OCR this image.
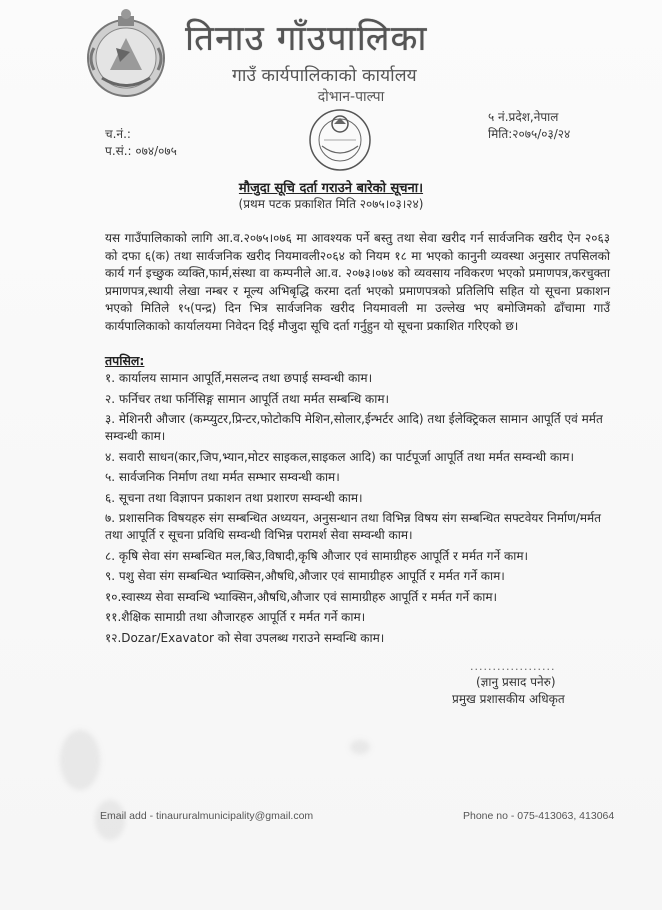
तिनाउ गाँउपालिका
गाउँ कार्यपालिकाको कार्यालय
दोभान-पाल्पा
५ नं.प्रदेश,नेपाल
मिति:२०७५/०३/२४
च.नं.:
प.सं.: ०७४/०७५
मौजुदा सूचि दर्ता गराउने बारेको सूचना।
(प्रथम पटक प्रकाशित मिति २०७५।०३।२४)
यस गाउँपालिकाको लागि आ.व.२०७५।०७६ मा आवश्यक पर्ने बस्तु तथा सेवा खरीद गर्न सार्वजनिक खरीद ऐन २०६३ को दफा ६(क) तथा सार्वजनिक खरीद नियमावली२०६४ को नियम १८ मा भएको कानुनी व्यवस्था अनुसार तपसिलको कार्य गर्न इच्छुक व्यक्ति,फार्म,संस्था वा कम्पनीले आ.व. २०७३।०७४ को व्यवसाय नविकरण भएको प्रमाणपत्र,करचुक्ता प्रमाणपत्र,स्थायी लेखा नम्बर र मूल्य अभिबृद्धि करमा दर्ता भएको प्रमाणपत्रको प्रतिलिपि सहित यो सूचना प्रकाशन भएको मितिले १५(पन्द्र) दिन भित्र सार्वजनिक खरीद नियमावली मा उल्लेख भए बमोजिमको ढाँचामा गाउँ कार्यपालिकाको कार्यालयमा निवेदन दिई मौजुदा सूचि दर्ता गर्नुहुन यो सूचना प्रकाशित गरिएको छ।
तपसिल:
१. कार्यालय सामान आपूर्ति,मसलन्द तथा छपाई सम्वन्धी काम।
२. फर्निचर तथा फर्निसिङ्ग सामान आपूर्ति तथा मर्मत सम्बन्धि काम।
३. मेशिनरी औजार (कम्प्युटर,प्रिन्टर,फोटोकपि मेशिन,सोलार,ईन्भर्टर आदि) तथा ईलेक्ट्रिकल सामान आपूर्ति एवं मर्मत सम्वन्धी काम।
४. सवारी साधन(कार,जिप,भ्यान,मोटर साइकल,साइकल आदि) का पार्टपूर्जा आपूर्ति तथा मर्मत सम्वन्धी काम।
५. सार्वजनिक निर्माण तथा मर्मत सम्भार सम्वन्धी काम।
६. सूचना तथा विज्ञापन प्रकाशन तथा प्रशारण सम्वन्धी काम।
७. प्रशासनिक विषयहरु संग सम्बन्धित अध्ययन, अनुसन्धान तथा विभिन्न विषय संग सम्बन्धित सफ्टवेयर निर्माण/मर्मत तथा आपूर्ति र सूचना प्रविधि सम्वन्धी विभिन्न परामर्श सेवा सम्वन्धी काम।
८. कृषि सेवा संग सम्बन्धित मल,बिउ,विषादी,कृषि औजार एवं सामाग्रीहरु आपूर्ति र मर्मत गर्ने काम।
९. पशु सेवा संग सम्बन्धित भ्याक्सिन,औषधि,औजार एवं सामाग्रीहरु आपूर्ति र मर्मत गर्ने काम।
१०.स्वास्थ्य सेवा सम्वन्धि भ्याक्सिन,औषधि,औजार एवं सामाग्रीहरु आपूर्ति र मर्मत गर्ने काम।
११.शैक्षिक सामाग्री तथा औजारहरु आपूर्ति र मर्मत गर्ने काम।
१२.Dozar/Exavator को सेवा उपलब्ध गराउने सम्वन्धि काम।
...................
(ज्ञानु प्रसाद पनेरु)
प्रमुख प्रशासकीय अधिकृत
Email add - tinaururalmunicipality@gmail.com	Phone no - 075-413063, 413064
